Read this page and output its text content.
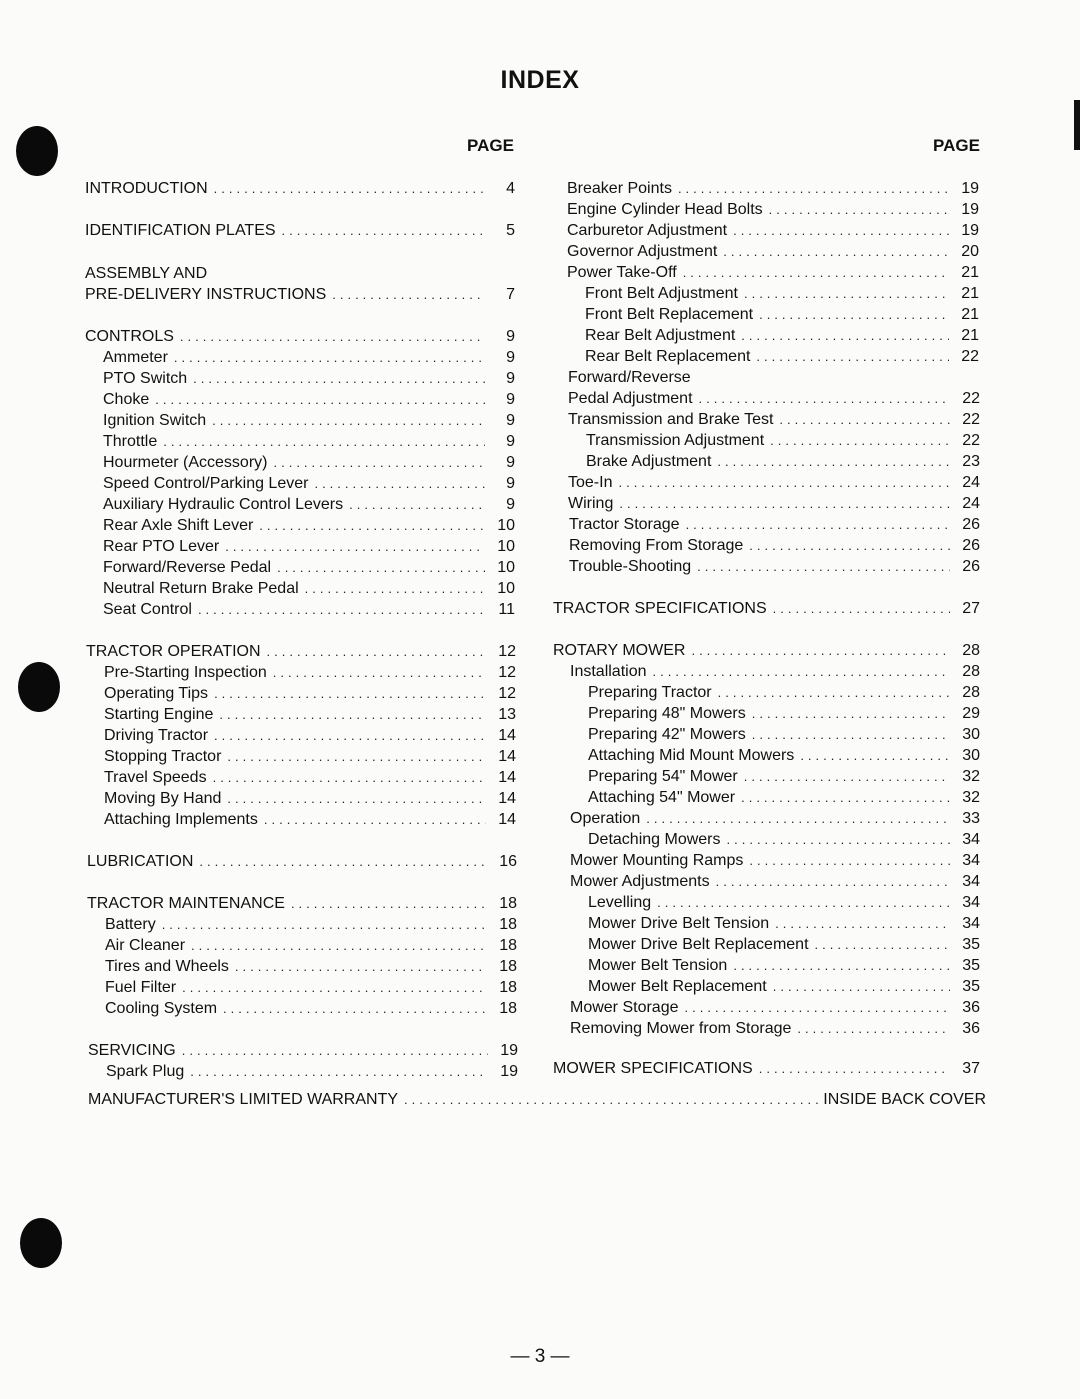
INDEX
PAGE	PAGE
INTRODUCTION .....	4
IDENTIFICATION PLATES .....	5
ASSEMBLY AND
PRE-DELIVERY INSTRUCTIONS .....	7
CONTROLS .....	9
Ammeter .....	9
PTO Switch .....	9
Choke .....	9
Ignition Switch .....	9
Throttle .....	9
Hourmeter (Accessory) .....	9
Speed Control/Parking Lever .....	9
Auxiliary Hydraulic Control Levers .....	9
Rear Axle Shift Lever .....	10
Rear PTO Lever .....	10
Forward/Reverse Pedal .....	10
Neutral Return Brake Pedal .....	10
Seat Control .....	11
TRACTOR OPERATION .....	12
Pre-Starting Inspection .....	12
Operating Tips .....	12
Starting Engine .....	13
Driving Tractor .....	14
Stopping Tractor .....	14
Travel Speeds .....	14
Moving By Hand .....	14
Attaching Implements .....	14
LUBRICATION .....	16
TRACTOR MAINTENANCE .....	18
Battery .....	18
Air Cleaner .....	18
Tires and Wheels .....	18
Fuel Filter .....	18
Cooling System .....	18
SERVICING .....	19
Spark Plug .....	19
Breaker Points .....	19
Engine Cylinder Head Bolts .....	19
Carburetor Adjustment .....	19
Governor Adjustment .....	20
Power Take-Off .....	21
Front Belt Adjustment .....	21
Front Belt Replacement .....	21
Rear Belt Adjustment .....	21
Rear Belt Replacement .....	22
Forward/Reverse
Pedal Adjustment .....	22
Transmission and Brake Test .....	22
Transmission Adjustment .....	22
Brake Adjustment .....	23
Toe-In .....	24
Wiring .....	24
Tractor Storage .....	26
Removing From Storage .....	26
Trouble-Shooting .....	26
TRACTOR SPECIFICATIONS .....	27
ROTARY MOWER .....	28
Installation .....	28
Preparing Tractor .....	28
Preparing 48" Mowers .....	29
Preparing 42" Mowers .....	30
Attaching Mid Mount Mowers .....	30
Preparing 54" Mower .....	32
Attaching 54" Mower .....	32
Operation .....	33
Detaching Mowers .....	34
Mower Mounting Ramps .....	34
Mower Adjustments .....	34
Levelling .....	34
Mower Drive Belt Tension .....	34
Mower Drive Belt Replacement .....	35
Mower Belt Tension .....	35
Mower Belt Replacement .....	35
Mower Storage .....	36
Removing Mower from Storage .....	36
MOWER SPECIFICATIONS .....	37
MANUFACTURER'S LIMITED WARRANTY .....	INSIDE BACK COVER
— 3 —
